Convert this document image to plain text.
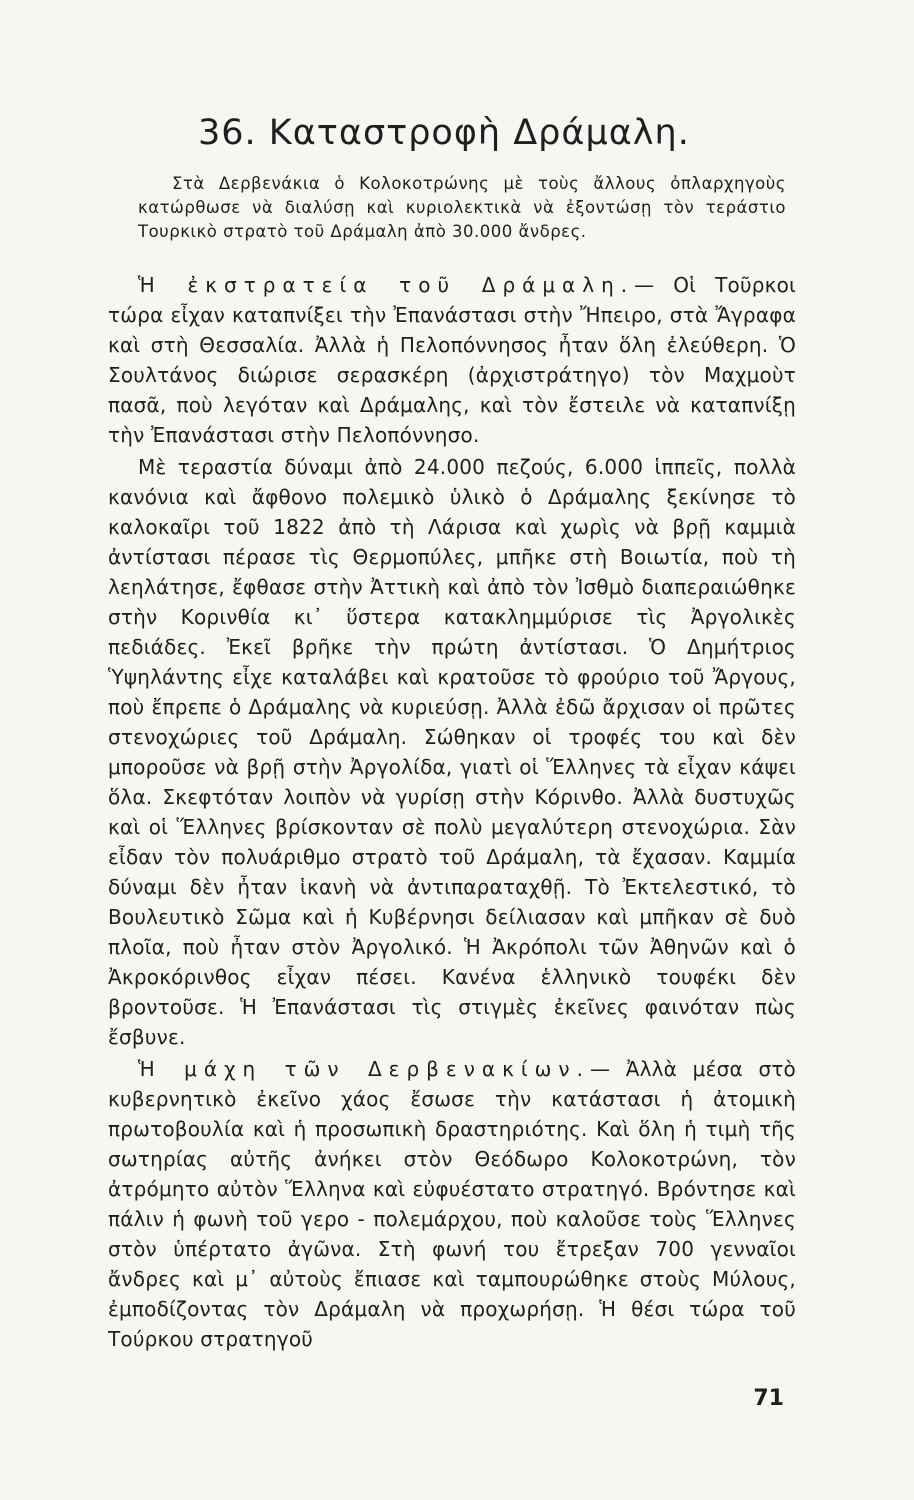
36. Καταστροφὴ Δράμαλη.

Στὰ Δερβενάκια ὁ Κολοκοτρώνης μὲ τοὺς ἄλλους ὀπλαρχηγοὺς κατώρθωσε νὰ διαλύσῃ καὶ κυριολεκτικὰ νὰ ἐξοντώσῃ τὸν τεράστιο Τουρκικὸ στρατὸ τοῦ Δράμαλη ἀπὸ 30.000 ἄνδρες.

Ἡ ἐκστρατεία τοῦ Δράμαλη.— Οἱ Τοῦρκοι τώρα εἶχαν καταπνίξει τὴν Ἐπανάστασι στὴν Ἤπειρο, στὰ Ἄγραφα καὶ στὴ Θεσσαλία. Ἀλλὰ ἡ Πελοπόννησος ἦταν ὅλη ἐλεύθερη. Ὁ Σουλτάνος διώρισε σερασκέρη (ἀρχιστράτηγο) τὸν Μαχμοὺτ πασᾶ, ποὺ λεγόταν καὶ Δράμαλης, καὶ τὸν ἔστειλε νὰ καταπνίξῃ τὴν Ἐπανάστασι στὴν Πελοπόννησο.

Μὲ τεραστία δύναμι ἀπὸ 24.000 πεζούς, 6.000 ἱππεῖς, πολλὰ κανόνια καὶ ἄφθονο πολεμικὸ ὑλικὸ ὁ Δράμαλης ξεκίνησε τὸ καλοκαῖρι τοῦ 1822 ἀπὸ τὴ Λάρισα καὶ χωρὶς νὰ βρῇ καμμιὰ ἀντίστασι πέρασε τὶς Θερμοπύλες, μπῆκε στὴ Βοιωτία, ποὺ τὴ λεηλάτησε, ἔφθασε στὴν Ἀττικὴ καὶ ἀπὸ τὸν Ἰσθμὸ διαπεραιώθηκε στὴν Κορινθία κι᾽ ὕστερα κατακλημμύρισε τὶς Ἀργολικὲς πεδιάδες. Ἐκεῖ βρῆκε τὴν πρώτη ἀντίστασι. Ὁ Δημήτριος Ὑψηλάντης εἶχε καταλάβει καὶ κρατοῦσε τὸ φρούριο τοῦ Ἄργους, ποὺ ἔπρεπε ὁ Δράμαλης νὰ κυριεύσῃ. Ἀλλὰ ἐδῶ ἄρχισαν οἱ πρῶτες στενοχώριες τοῦ Δράμαλη. Σώθηκαν οἱ τροφές του καὶ δὲν μποροῦσε νὰ βρῇ στὴν Ἀργολίδα, γιατὶ οἱ Ἕλληνες τὰ εἶχαν κάψει ὅλα. Σκεφτόταν λοιπὸν νὰ γυρίσῃ στὴν Κόρινθο. Ἀλλὰ δυστυχῶς καὶ οἱ Ἕλληνες βρίσκονταν σὲ πολὺ μεγαλύτερη στενοχώρια. Σὰν εἶδαν τὸν πολυάριθμο στρατὸ τοῦ Δράμαλη, τὰ ἔχασαν. Καμμία δύναμι δὲν ἦταν ἱκανὴ νὰ ἀντιπαραταχθῇ. Τὸ Ἐκτελεστικό, τὸ Βουλευτικὸ Σῶμα καὶ ἡ Κυβέρνησι δείλιασαν καὶ μπῆκαν σὲ δυὸ πλοῖα, ποὺ ἦταν στὸν Ἀργολικό. Ἡ Ἀκρόπολι τῶν Ἀθηνῶν καὶ ὁ Ἀκροκόρινθος εἶχαν πέσει. Κανένα ἑλληνικὸ τουφέκι δὲν βροντοῦσε. Ἡ Ἐπανάστασι τὶς στιγμὲς ἐκεῖνες φαινόταν πὼς ἔσβυνε.

Ἡ μάχη τῶν Δερβενακίων.— Ἀλλὰ μέσα στὸ κυβερνητικὸ ἐκεῖνο χάος ἔσωσε τὴν κατάστασι ἡ ἀτομικὴ πρωτοβουλία καὶ ἡ προσωπικὴ δραστηριότης. Καὶ ὅλη ἡ τιμὴ τῆς σωτηρίας αὐτῆς ἀνήκει στὸν Θεόδωρο Κολοκοτρώνη, τὸν ἀτρόμητο αὐτὸν Ἕλληνα καὶ εὐφυέστατο στρατηγό. Βρόντησε καὶ πάλιν ἡ φωνὴ τοῦ γερο - πολεμάρχου, ποὺ καλοῦσε τοὺς Ἕλληνες στὸν ὑπέρτατο ἀγῶνα. Στὴ φωνή του ἔτρεξαν 700 γενναῖοι ἄνδρες καὶ μ᾽ αὐτοὺς ἔπιασε καὶ ταμπουρώθηκε στοὺς Μύλους, ἐμποδίζοντας τὸν Δράμαλη νὰ προχωρήσῃ. Ἡ θέσι τώρα τοῦ Τούρκου στρατηγοῦ

71
